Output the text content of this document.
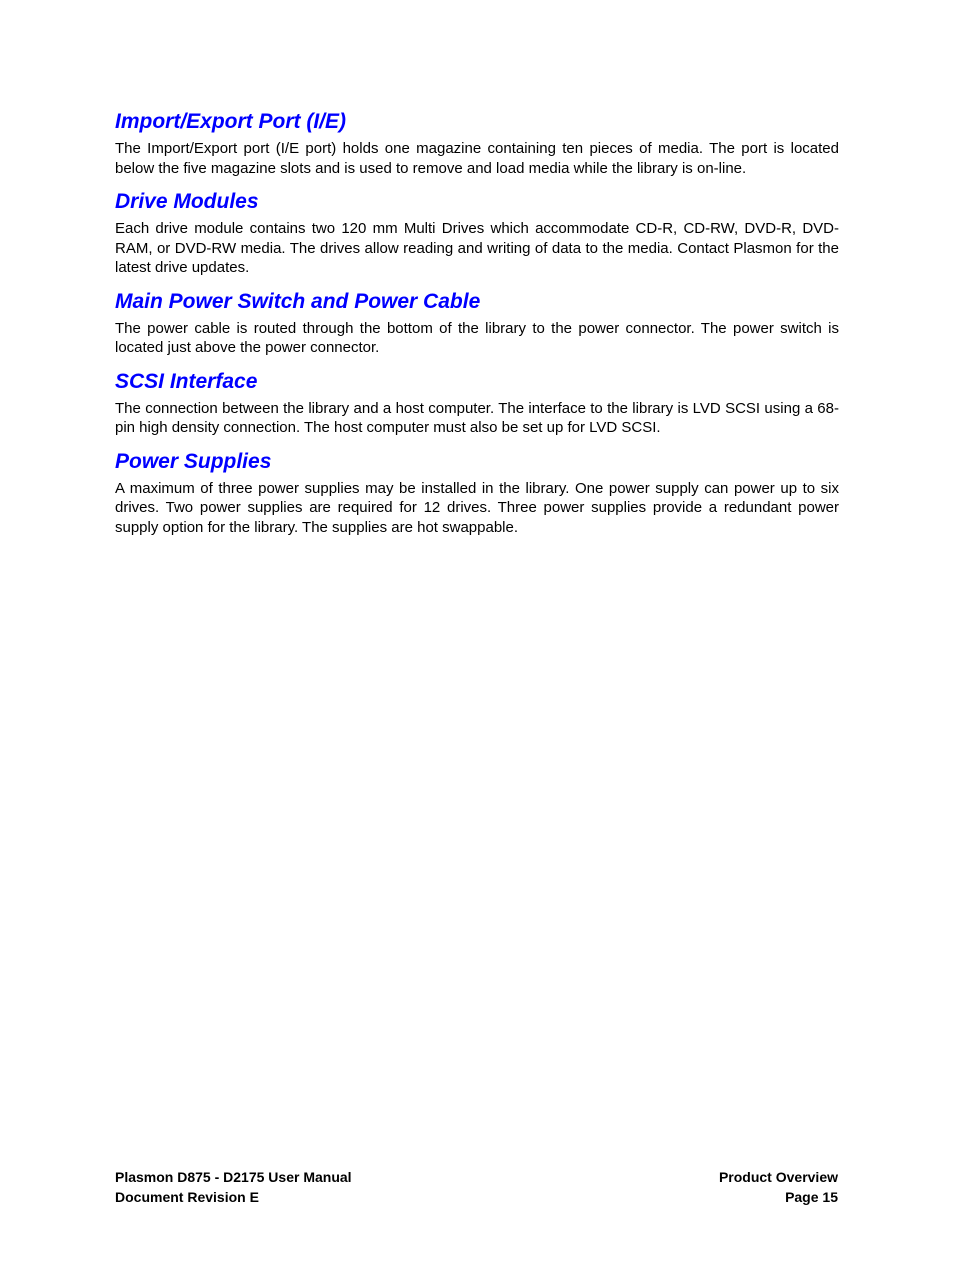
Import/Export Port (I/E)

The Import/Export port (I/E port) holds one magazine containing ten pieces of media. The port is located below the five magazine slots and is used to remove and load media while the library is on-line.

Drive Modules

Each drive module contains two 120 mm Multi Drives which accommodate CD-R, CD-RW, DVD-R, DVD-RAM, or DVD-RW media. The drives allow reading and writing of data to the media. Contact Plasmon for the latest drive updates.

Main Power Switch and Power Cable

The power cable is routed through the bottom of the library to the power connector. The power switch is located just above the power connector.

SCSI Interface

The connection between the library and a host computer. The interface to the library is LVD SCSI using a 68-pin high density connection. The host computer must also be set up for LVD SCSI.

Power Supplies

A maximum of three power supplies may be installed in the library. One power supply can power up to six drives. Two power supplies are required for 12 drives. Three power supplies provide a redundant power supply option for the library. The supplies are hot swappable.

Plasmon D875 - D2175 User Manual
Document Revision E
Product Overview
Page 15
